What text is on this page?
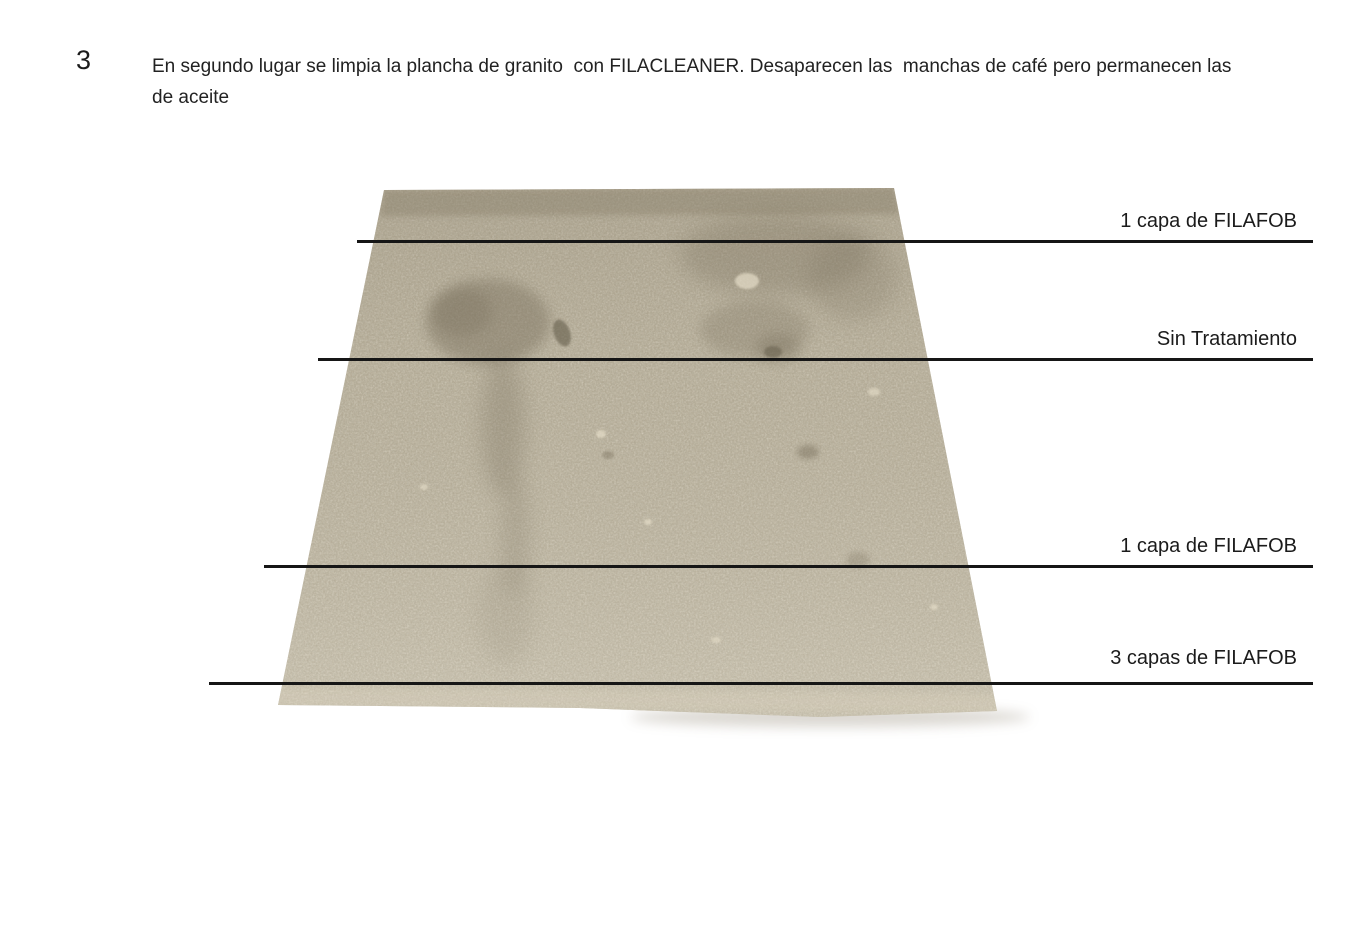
3	En segundo lugar se limpia la plancha de granito  con FILACLEANER. Desaparecen las  manchas de café pero permanecen las de aceite
1 capa de FILAFOB
Sin Tratamiento
1 capa de FILAFOB
3 capas de FILAFOB
